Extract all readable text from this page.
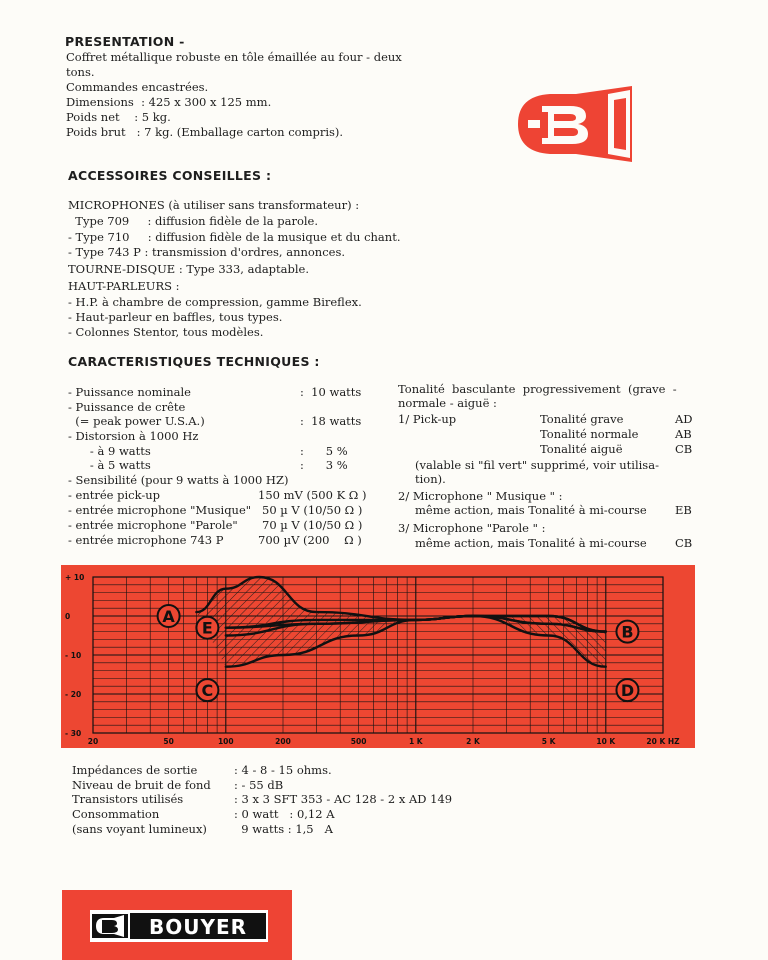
PRESENTATION -
Coffret métallique robuste en tôle émaillée au four - deux
tons.
Commandes encastrées.
Dimensions  : 425 x 300 x 125 mm.
Poids net    : 5 kg.
Poids brut   : 7 kg. (Emballage carton compris).
ACCESSOIRES CONSEILLES :
MICROPHONES (à utiliser sans transformateur) :
Type 709     : diffusion fidèle de la parole.
- Type 710     : diffusion fidèle de la musique et du chant.
- Type 743 P : transmission d'ordres, annonces.
TOURNE-DISQUE : Type 333, adaptable.
HAUT-PARLEURS :
- H.P. à chambre de compression, gamme Bireflex.
- Haut-parleur en baffles, tous types.
- Colonnes Stentor, tous modèles.
CARACTERISTIQUES TECHNIQUES :
- Puissance nominale	:  10 watts
- Puissance de crête
(= peak power U.S.A.)	:  18 watts
- Distorsion à 1000 Hz
- à 9 watts	:      5 %
- à 5 watts	:      3 %
- Sensibilité (pour 9 watts à 1000 HZ)
- entrée pick-up	150 mV (500 K Ω )
- entrée microphone "Musique" 50 µ V (10/50 Ω )
- entrée microphone "Parole" 70 µ V (10/50 Ω )
- entrée microphone 743 P	700 µV (200    Ω )
Tonalité  basculante  progressivement  (grave  -
normale - aiguë :
1/ Pick-up	Tonalité grave	AD
Tonalité normale	AB
Tonalité aiguë	CB
(valable si "fil vert" supprimé, voir utilisa-
tion).
2/ Microphone " Musique " :
même action, mais Tonalité à mi-course EB
3/ Microphone "Parole " :
même action, mais Tonalité à mi-course CB
20	50	100	200	500	1 K	2 K	5 K	10 K	20 K HZ
+ 10
0
- 10
- 20
- 30
A
B
C	D
E
Impédances de sortie	: 4 - 8 - 15 ohms.
Niveau de bruit de fond : - 55 dB
Transistors utilisés	: 3 x 3 SFT 353 - AC 128 - 2 x AD 149
Consommation	: 0 watt   : 0,12 A
(sans voyant lumineux) 9 watts : 1,5   A
BOUYER
